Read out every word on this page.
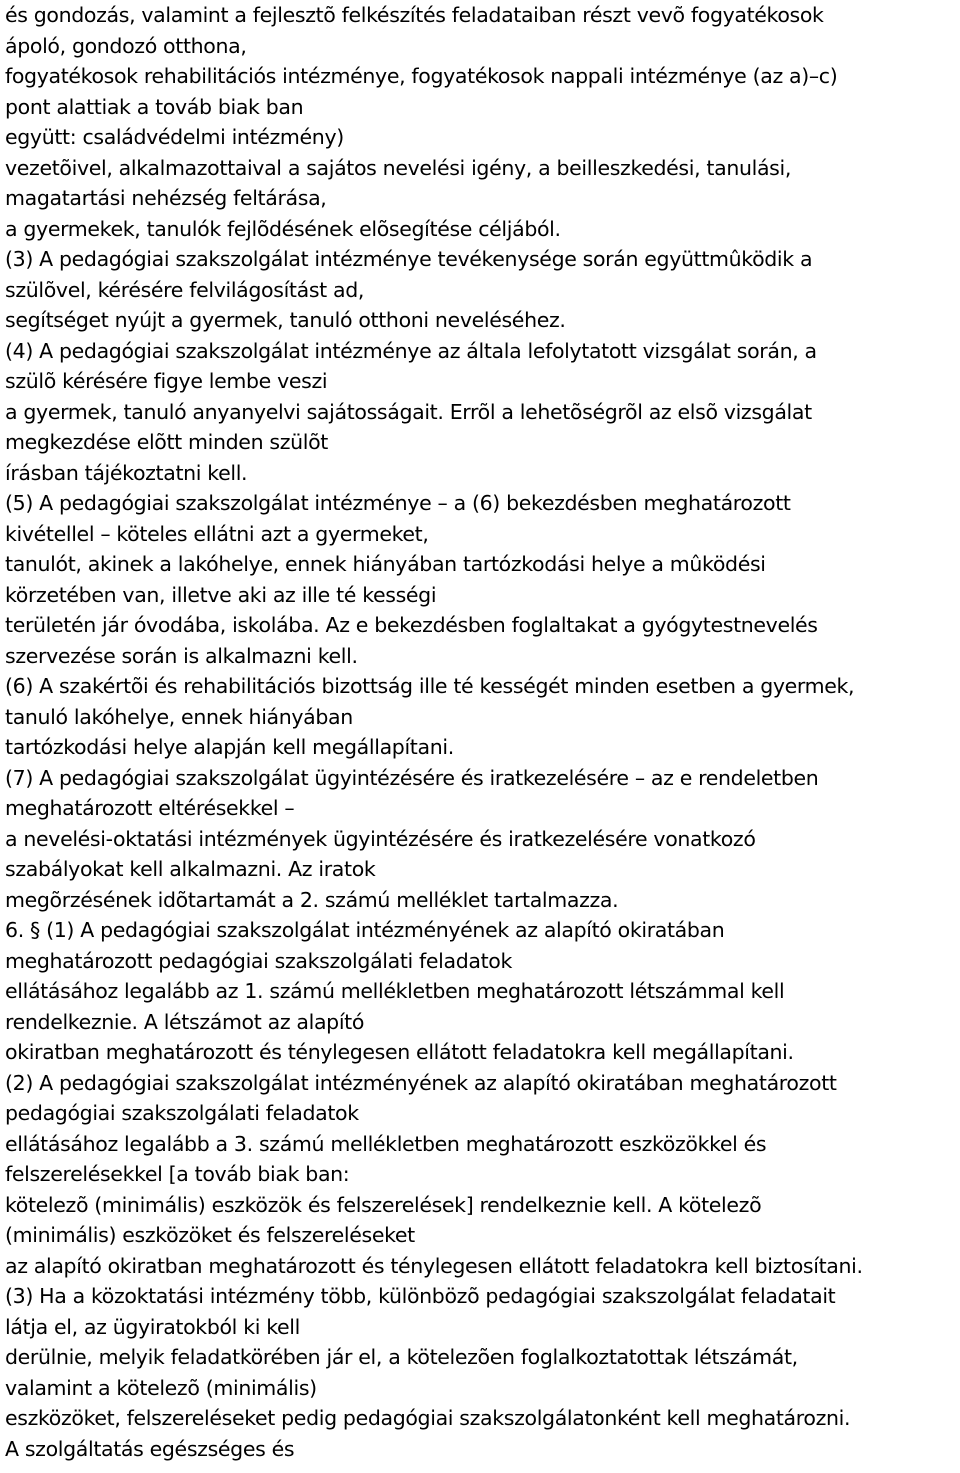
és gondozás, valamint a fejlesztõ felkészítés feladataiban részt vevõ fogyatékosok
ápoló, gondozó otthona,
fogyatékosok rehabilitációs intézménye, fogyatékosok nappali intézménye (az a)–c)
pont alattiak a továb biak ban
együtt: családvédelmi intézmény)
vezetõivel, alkalmazottaival a sajátos nevelési igény, a beilleszkedési, tanulási,
magatartási nehézség feltárása,
a gyermekek, tanulók fejlõdésének elõsegítése céljából.
(3) A pedagógiai szakszolgálat intézménye tevékenysége során együttmûködik a
szülõvel, kérésére felvilágosítást ad,
segítséget nyújt a gyermek, tanuló otthoni neveléséhez.
(4) A pedagógiai szakszolgálat intézménye az általa lefolytatott vizsgálat során, a
szülõ kérésére figye lembe veszi
a gyermek, tanuló anyanyelvi sajátosságait. Errõl a lehetõségrõl az elsõ vizsgálat
megkezdése elõtt minden szülõt
írásban tájékoztatni kell.
(5) A pedagógiai szakszolgálat intézménye – a (6) bekezdésben meghatározott
kivétellel – köteles ellátni azt a gyermeket,
tanulót, akinek a lakóhelye, ennek hiányában tartózkodási helye a mûködési
körzetében van, illetve aki az ille té kességi
területén jár óvodába, iskolába. Az e bekezdésben foglaltakat a gyógytestnevelés
szervezése során is alkalmazni kell.
(6) A szakértõi és rehabilitációs bizottság ille té kességét minden esetben a gyermek,
tanuló lakóhelye, ennek hiányában
tartózkodási helye alapján kell megállapítani.
(7) A pedagógiai szakszolgálat ügyintézésére és iratkezelésére – az e rendeletben
meghatározott eltérésekkel –
a nevelési-oktatási intézmények ügyintézésére és iratkezelésére vonatkozó
szabályokat kell alkalmazni. Az iratok
megõrzésének idõtartamát a 2. számú melléklet tartalmazza.
6. § (1) A pedagógiai szakszolgálat intézményének az alapító okiratában
meghatározott pedagógiai szakszolgálati feladatok
ellátásához legalább az 1. számú mellékletben meghatározott létszámmal kell
rendelkeznie. A létszámot az alapító
okiratban meghatározott és ténylegesen ellátott feladatokra kell megállapítani.
(2) A pedagógiai szakszolgálat intézményének az alapító okiratában meghatározott
pedagógiai szakszolgálati feladatok
ellátásához legalább a 3. számú mellékletben meghatározott eszközökkel és
felszerelésekkel [a továb biak ban:
kötelezõ (minimális) eszközök és felszerelések] rendelkeznie kell. A kötelezõ
(minimális) eszközöket és felszereléseket
az alapító okiratban meghatározott és ténylegesen ellátott feladatokra kell biztosítani.
(3) Ha a közoktatási intézmény több, különbözõ pedagógiai szakszolgálat feladatait
látja el, az ügyiratokból ki kell
derülnie, melyik feladatkörében jár el, a kötelezõen foglalkoztatottak létszámát,
valamint a kötelezõ (minimális)
eszközöket, felszereléseket pedig pedagógiai szakszolgálatonként kell meghatározni.
A szolgáltatás egészséges és
